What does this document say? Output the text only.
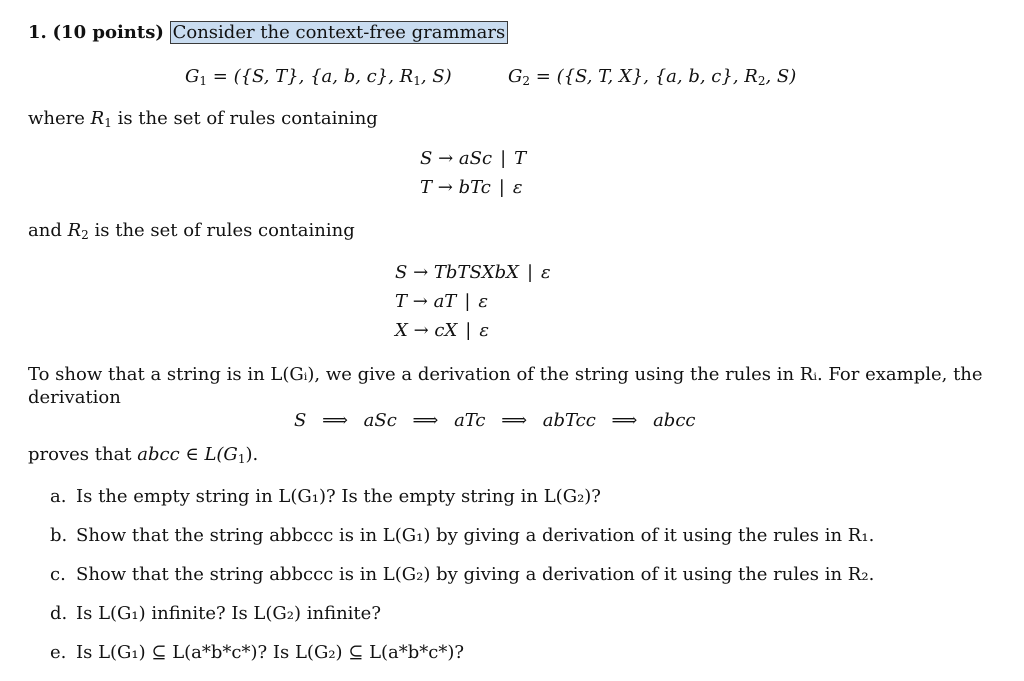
1. (10 points) Consider the context-free grammars
$G_1 = (\{S$, T}, {a, b, c}, $R_1$, S)	$G_2 = (\{S$, T, X}, {a, b, c}, $R_2$, S)
where $R_1$ is the set of rules containing
S → aSc | T
T → bTc | ε
and $R_2$ is the set of rules containing
S → TbTSXbX | ε
T → aT | ε
X → cX | ε
To show that a string is in L(Gᵢ), we give a derivation of the string using the rules in Rᵢ. For example, the
derivation
S ⟹ aSc ⟹ aTc ⟹ abTcc ⟹ abcc
proves that abcc ∈ $L(G_1)$.
a. Is the empty string in L(G₁)? Is the empty string in L(G₂)?
b. Show that the string abbccc is in L(G₁) by giving a derivation of it using the rules in R₁.
c. Show that the string abbccc is in L(G₂) by giving a derivation of it using the rules in R₂.
d. Is L(G₁) infinite? Is L(G₂) infinite?
e. Is L(G₁) ⊆ L(a*b*c*)? Is L(G₂) ⊆ L(a*b*c*)?
